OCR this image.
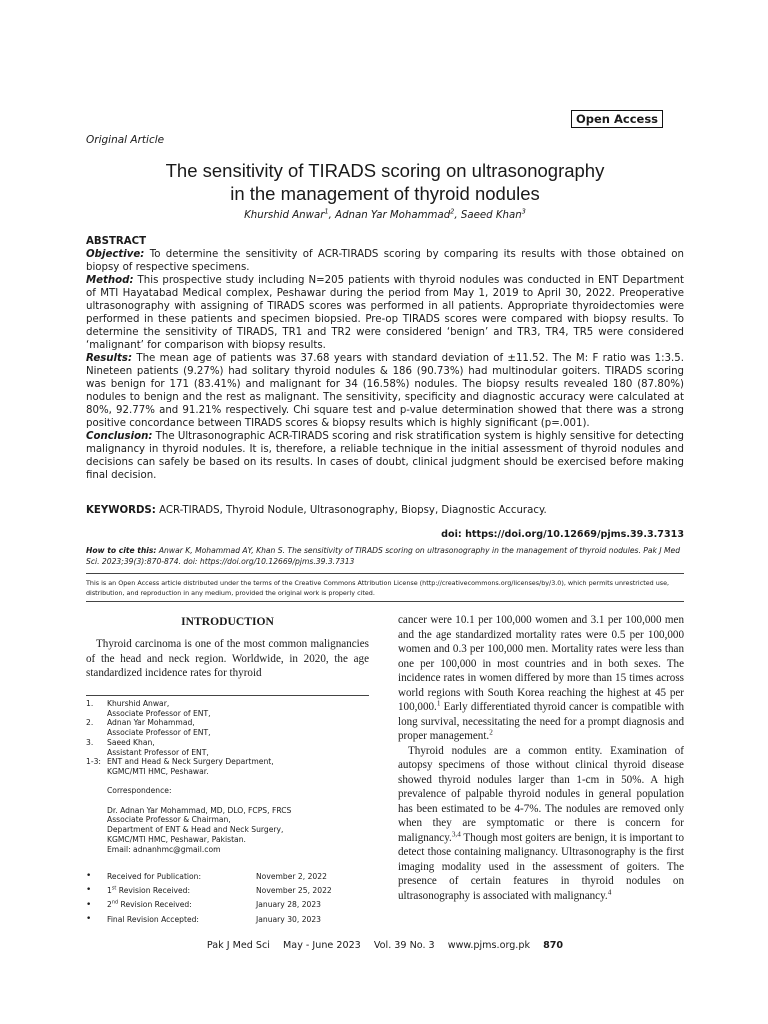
Open Access
Original Article
The sensitivity of TIRADS scoring on ultrasonography
in the management of thyroid nodules
Khurshid Anwar$^1$, Adnan Yar Mohammad$^2$, Saeed Khan$^3$
ABSTRACT

Objective: To determine the sensitivity of ACR-TIRADS scoring by comparing its results with those obtained on biopsy of respective specimens.

Method: This prospective study including N=205 patients with thyroid nodules was conducted in ENT Department of MTI Hayatabad Medical complex, Peshawar during the period from May 1, 2019 to April 30, 2022. Preoperative ultrasonography with assigning of TIRADS scores was performed in all patients. Appropriate thyroidectomies were performed in these patients and specimen biopsied. Pre-op TIRADS scores were compared with biopsy results. To determine the sensitivity of TIRADS, TR1 and TR2 were considered ‘benign’ and TR3, TR4, TR5 were considered ‘malignant’ for comparison with biopsy results.

Results: The mean age of patients was 37.68 years with standard deviation of ±11.52. The M: F ratio was 1:3.5. Nineteen patients (9.27%) had solitary thyroid nodules & 186 (90.73%) had multinodular goiters. TIRADS scoring was benign for 171 (83.41%) and malignant for 34 (16.58%) nodules. The biopsy results revealed 180 (87.80%) nodules to benign and the rest as malignant. The sensitivity, specificity and diagnostic accuracy were calculated at 80%, 92.77% and 91.21% respectively. Chi square test and p-value determination showed that there was a strong positive concordance between TIRADS scores & biopsy results which is highly significant (p=.001).

Conclusion: The Ultrasonographic ACR-TIRADS scoring and risk stratification system is highly sensitive for detecting malignancy in thyroid nodules. It is, therefore, a reliable technique in the initial assessment of thyroid nodules and decisions can safely be based on its results. In cases of doubt, clinical judgment should be exercised before making final decision.

KEYWORDS: ACR-TIRADS, Thyroid Nodule, Ultrasonography, Biopsy, Diagnostic Accuracy.
doi: https://doi.org/10.12669/pjms.39.3.7313
How to cite this: Anwar K, Mohammad AY, Khan S. The sensitivity of TIRADS scoring on ultrasonography in the management of thyroid nodules. Pak J Med Sci. 2023;39(3):870-874. doi: https://doi.org/10.12669/pjms.39.3.7313
This is an Open Access article distributed under the terms of the Creative Commons Attribution License (http://creativecommons.org/licenses/by/3.0), which permits unrestricted use, distribution, and reproduction in any medium, provided the original work is properly cited.
INTRODUCTION

Thyroid carcinoma is one of the most common malignancies of the head and neck region. Worldwide, in 2020, the age standardized incidence rates for thyroid

1.	Khurshid Anwar,
Associate Professor of ENT,
2.	Adnan Yar Mohammad,
Associate Professor of ENT,
3.	Saeed Khan,
Assistant Professor of ENT,
1-3: ENT and Head & Neck Surgery Department,
KGMC/MTI HMC, Peshawar.
Correspondence:
Dr. Adnan Yar Mohammad, MD, DLO, FCPS, FRCS
Associate Professor & Chairman,
Department of ENT & Head and Neck Surgery,
KGMC/MTI HMC, Peshawar, Pakistan.
Email: adnanhmc@gmail.com
•	Received for Publication:	November 2, 2022
•	1st Revision Received:	November 25, 2022
•	2nd Revision Received:	January 28, 2023
•	Final Revision Accepted:	January 30, 2023

cancer were 10.1 per 100,000 women and 3.1 per 100,000 men and the age standardized mortality rates were 0.5 per 100,000 women and 0.3 per 100,000 men. Mortality rates were less than one per 100,000 in most countries and in both sexes. The incidence rates in women differed by more than 15 times across world regions with South Korea reaching the highest at 45 per 100,000.$^1$ Early differentiated thyroid cancer is compatible with long survival, necessitating the need for a prompt diagnosis and proper management.$^2$

Thyroid nodules are a common entity. Examination of autopsy specimens of those without clinical thyroid disease showed thyroid nodules larger than 1-cm in 50%. A high prevalence of palpable thyroid nodules in general population has been estimated to be 4-7%. The nodules are removed only when they are symptomatic or there is concern for malignancy.$^{3,4}$ Though most goiters are benign, it is important to detect those containing malignancy. Ultrasonography is the first imaging modality used in the assessment of goiters. The presence of certain features in thyroid nodules on ultrasonography is associated with malignancy.$^4$

Pak J Med Sci May - June 2023 Vol. 39 No. 3 www.pjms.org.pk 870
